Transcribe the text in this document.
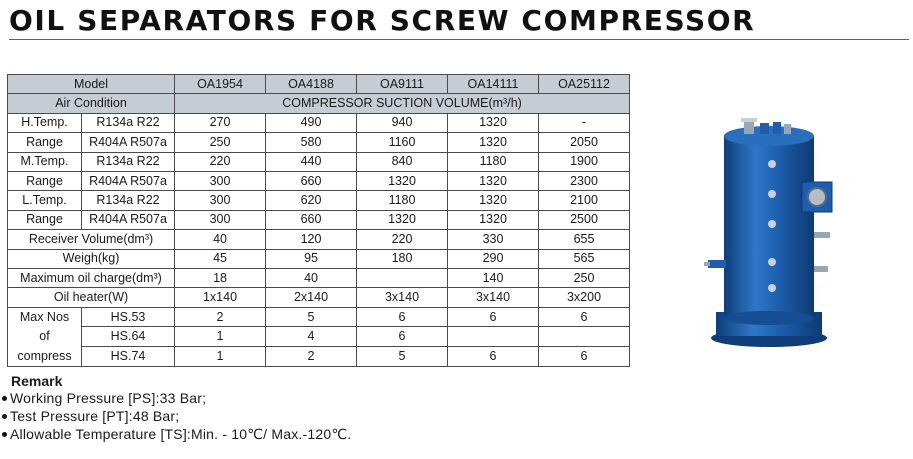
OIL SEPARATORS FOR SCREW COMPRESSOR
Model		OA1954	OA4188	OA9111	OA14111	OA25112
Air Condition		COMPRESSOR SUCTION VOLUME(m³/h)				
H.Temp.	R134a R22	270	490	940	1320	-
Range	R404A R507a	250	580	1160	1320	2050
M.Temp.	R134a R22	220	440	840	1180	1900
Range	R404A R507a	300	660	1320	1320	2300
L.Temp.	R134a R22	300	620	1180	1320	2100
Range	R404A R507a	300	660	1320	1320	2500
Receiver Volume(dm³)		40	120	220	330	655
Weigh(kg)		45	95	180	290	565
Maximum oil charge(dm³)		18	40		140	250
Oil heater(W)		1x140	2x140	3x140	3x140	3x200
Max Nos
of
compress	HS.53	2	5	6	6	6
	HS.64	1	4	6		
	HS.74	1	2	5	6	6
Remark
Working Pressure [PS]:33 Bar;
Test Pressure [PT]:48 Bar;
Allowable Temperature [TS]:Min. - 10℃/ Max.-120℃.
